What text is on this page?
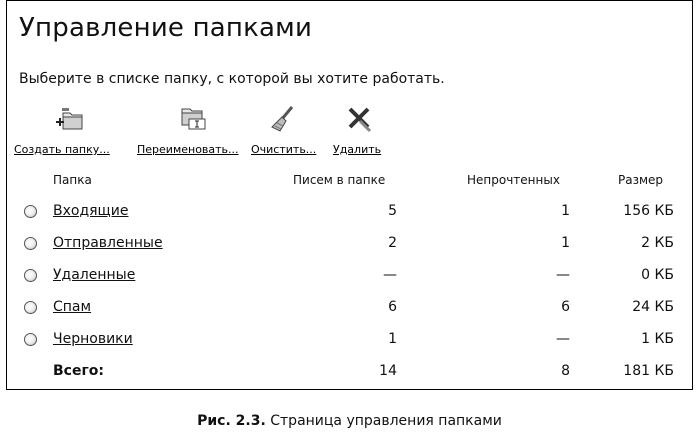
Управление папками
Выберите в списке папку, с которой вы хотите работать.
Создать папку... Переименовать... Очистить... Удалить
Папка	Писем в папке	Непрочтенных	Размер
Входящие	5	1	156 КБ
Отправленные	2	1	2 КБ
Удаленные	—	—	0 КБ
Спам	6	6	24 КБ
Черновики	1	—	1 КБ
Всего:	14	8	181 КБ
Рис. 2.3. Страница управления папками
